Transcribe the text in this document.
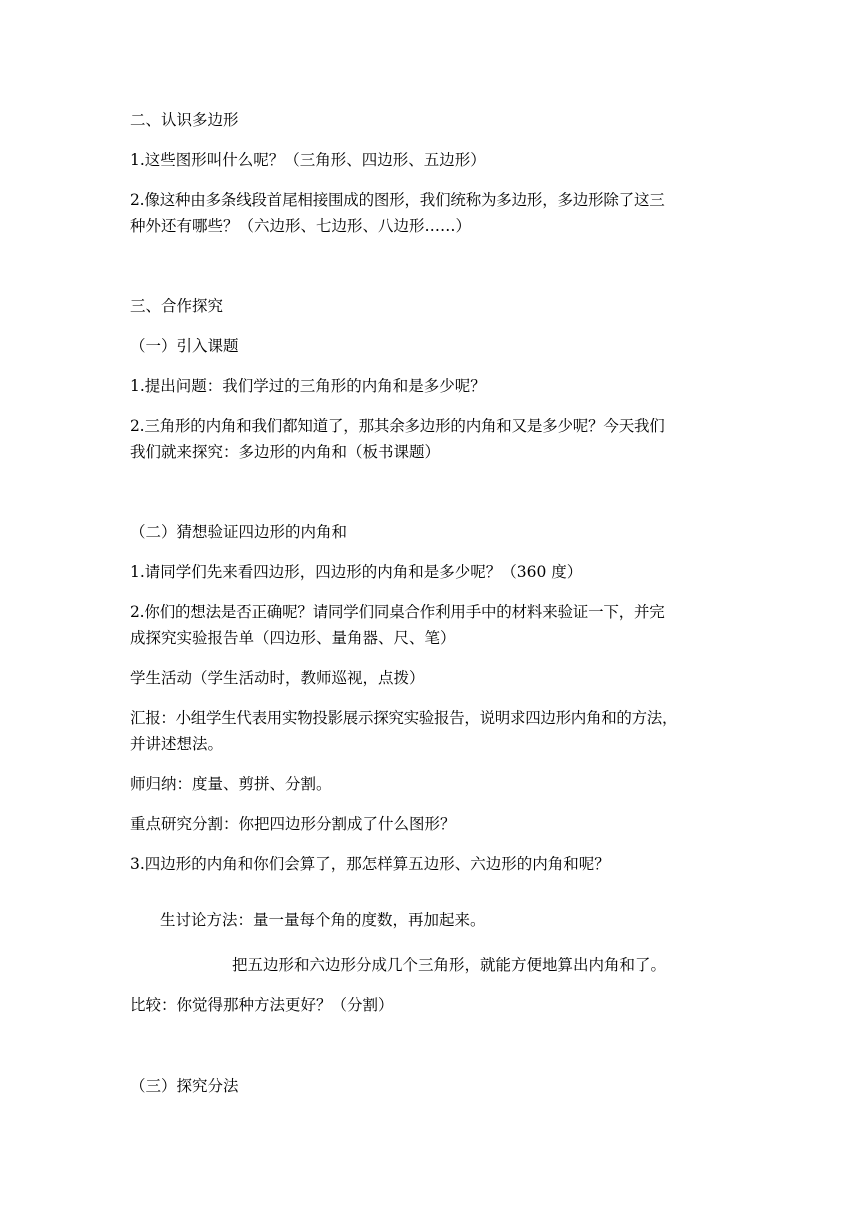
二、认识多边形
1.这些图形叫什么呢？（三角形、四边形、五边形）
2.像这种由多条线段首尾相接围成的图形，我们统称为多边形，多边形除了这三
种外还有哪些？（六边形、七边形、八边形……）
三、合作探究
（一）引入课题
1.提出问题：我们学过的三角形的内角和是多少呢？
2.三角形的内角和我们都知道了，那其余多边形的内角和又是多少呢？今天我们
我们就来探究：多边形的内角和（板书课题）
（二）猜想验证四边形的内角和
1.请同学们先来看四边形，四边形的内角和是多少呢？（360 度）
2.你们的想法是否正确呢？请同学们同桌合作利用手中的材料来验证一下，并完
成探究实验报告单（四边形、量角器、尺、笔）
学生活动（学生活动时，教师巡视，点拨）
汇报：小组学生代表用实物投影展示探究实验报告，说明求四边形内角和的方法，
并讲述想法。
师归纳：度量、剪拼、分割。
重点研究分割：你把四边形分割成了什么图形？
3.四边形的内角和你们会算了，那怎样算五边形、六边形的内角和呢？
生讨论方法：量一量每个角的度数，再加起来。
把五边形和六边形分成几个三角形，就能方便地算出内角和了。
比较：你觉得那种方法更好？（分割）
（三）探究分法
